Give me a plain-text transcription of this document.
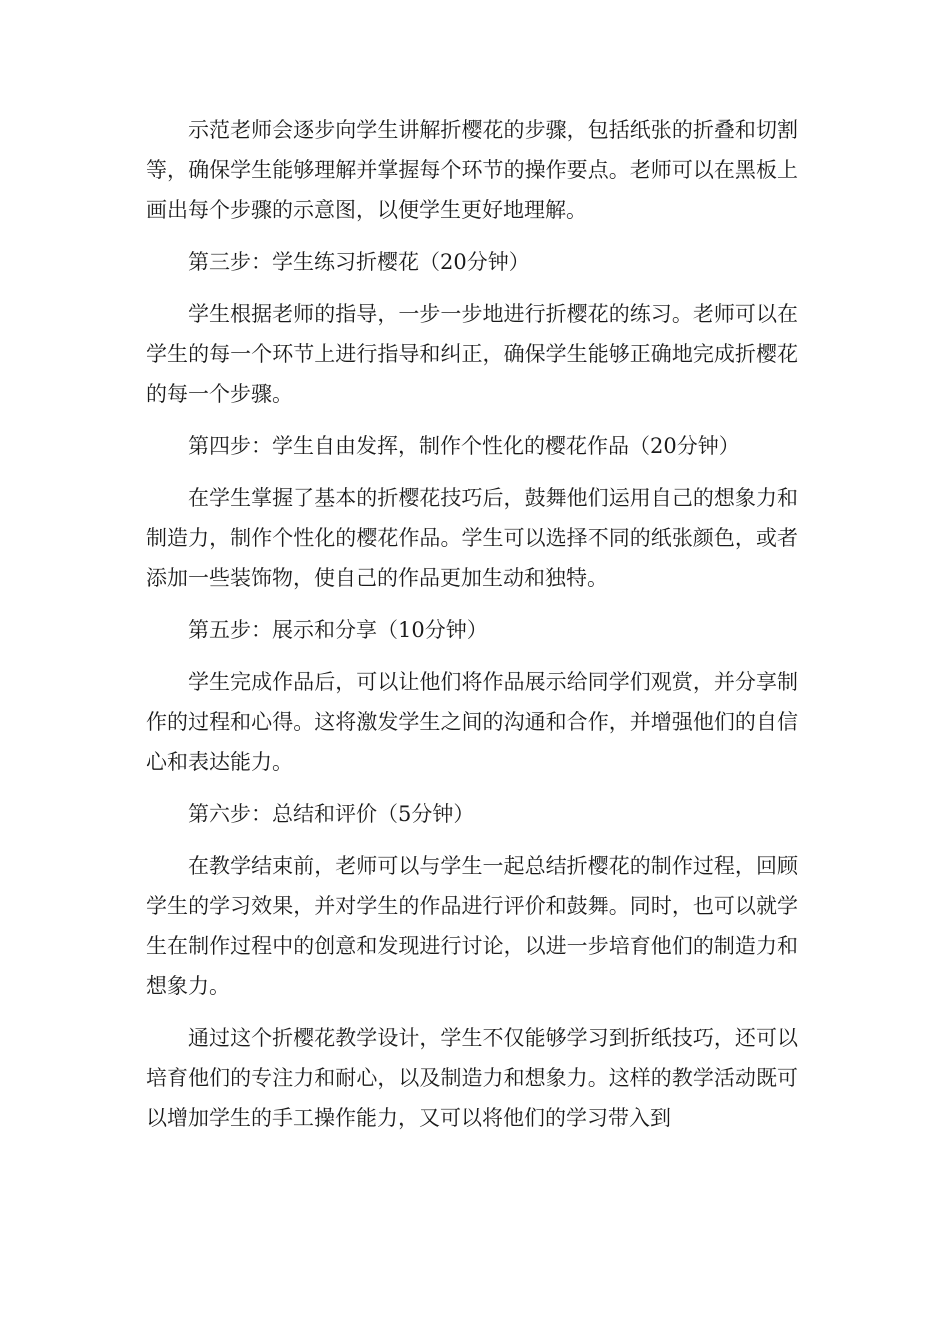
示范老师会逐步向学生讲解折樱花的步骤，包括纸张的折叠和切割等，确保学生能够理解并掌握每个环节的操作要点。老师可以在黑板上画出每个步骤的示意图，以便学生更好地理解。

第三步：学生练习折樱花（20分钟）

学生根据老师的指导，一步一步地进行折樱花的练习。老师可以在学生的每一个环节上进行指导和纠正，确保学生能够正确地完成折樱花的每一个步骤。

第四步：学生自由发挥，制作个性化的樱花作品（20分钟）

在学生掌握了基本的折樱花技巧后，鼓舞他们运用自己的想象力和制造力，制作个性化的樱花作品。学生可以选择不同的纸张颜色，或者添加一些装饰物，使自己的作品更加生动和独特。

第五步：展示和分享（10分钟）

学生完成作品后，可以让他们将作品展示给同学们观赏，并分享制作的过程和心得。这将激发学生之间的沟通和合作，并增强他们的自信心和表达能力。

第六步：总结和评价（5分钟）

在教学结束前，老师可以与学生一起总结折樱花的制作过程，回顾学生的学习效果，并对学生的作品进行评价和鼓舞。同时，也可以就学生在制作过程中的创意和发现进行讨论，以进一步培育他们的制造力和想象力。

通过这个折樱花教学设计，学生不仅能够学习到折纸技巧，还可以培育他们的专注力和耐心，以及制造力和想象力。这样的教学活动既可以增加学生的手工操作能力，又可以将他们的学习带入到
